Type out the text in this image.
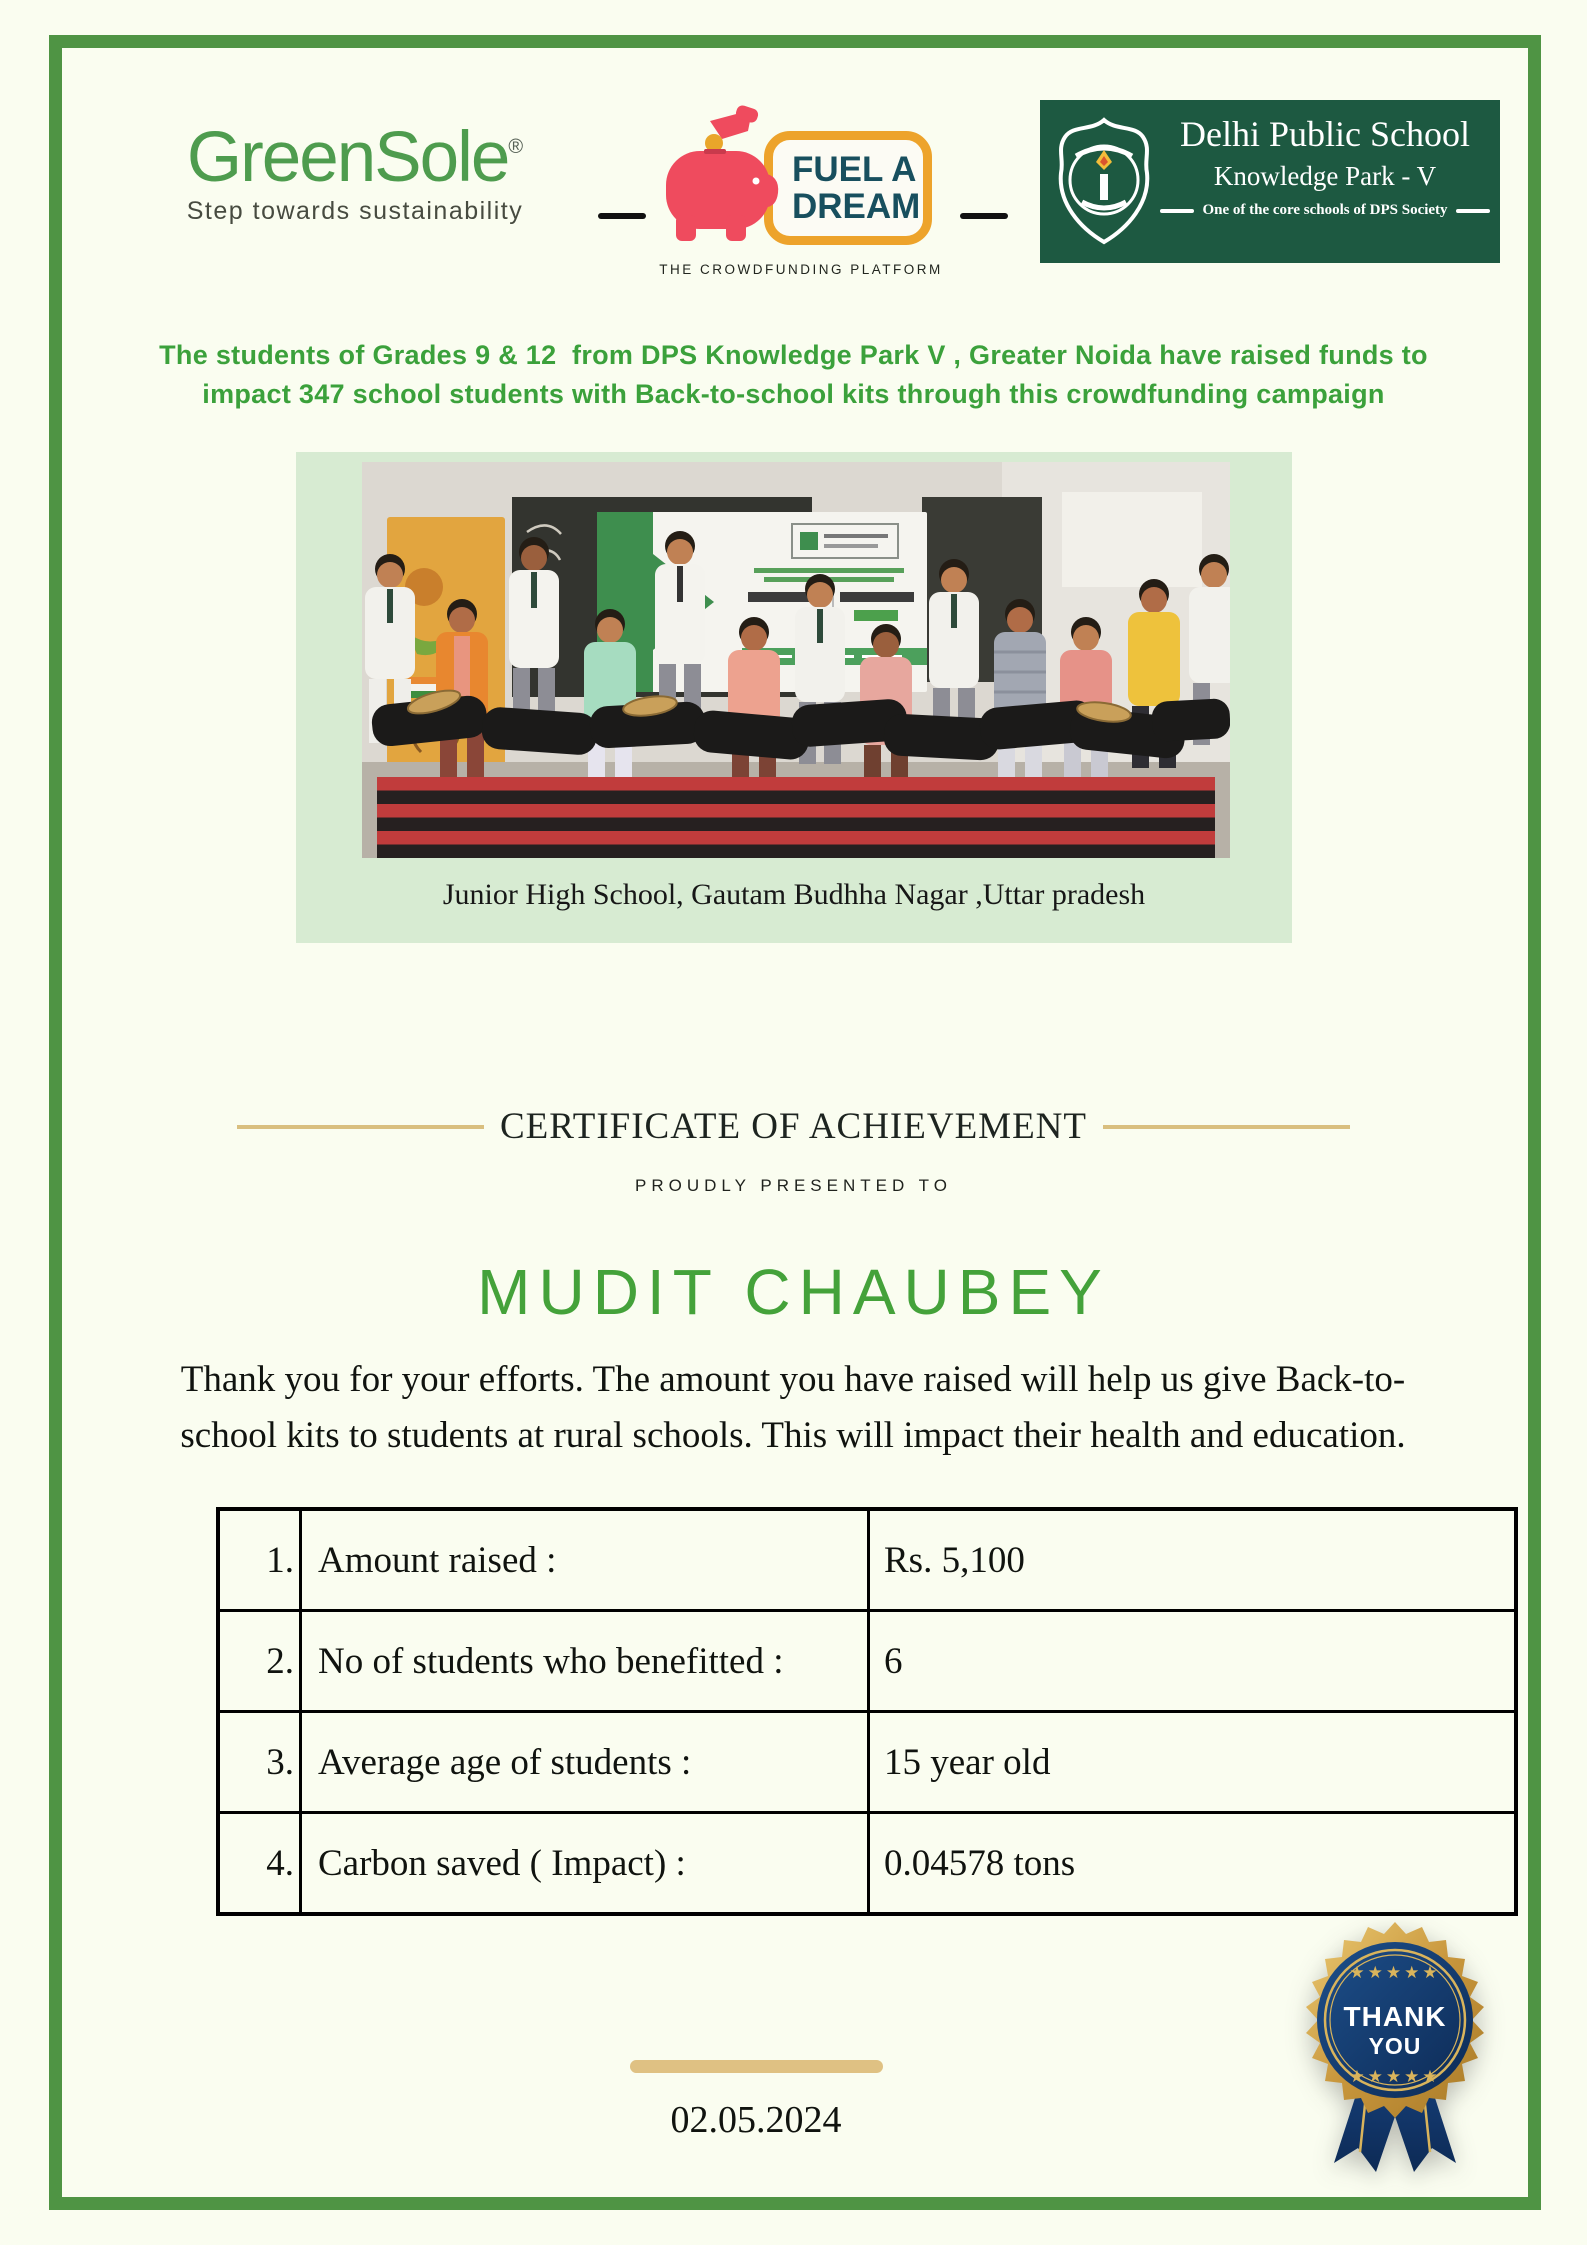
GreenSole®
Step towards sustainability
FUEL A
DREAM
THE CROWDFUNDING PLATFORM
Delhi Public School
Knowledge Park - V
One of the core schools of DPS Society
The students of Grades 9 & 12  from DPS Knowledge Park V , Greater Noida have raised funds to
impact 347 school students with Back-to-school kits through this crowdfunding campaign
Junior High School, Gautam Budhha Nagar ,Uttar pradesh
CERTIFICATE OF ACHIEVEMENT
PROUDLY PRESENTED TO
MUDIT CHAUBEY
Thank you for your efforts. The amount you have raised will help us give Back-to-
school kits to students at rural schools. This will impact their health and education.
1.	Amount raised :	Rs. 5,100
2.	No of students who benefitted :	6
3.	Average age of students :	15 year old
4.	Carbon saved ( Impact) :	0.04578 tons
★★★★★
THANK
YOU
★★★★★
02.05.2024
